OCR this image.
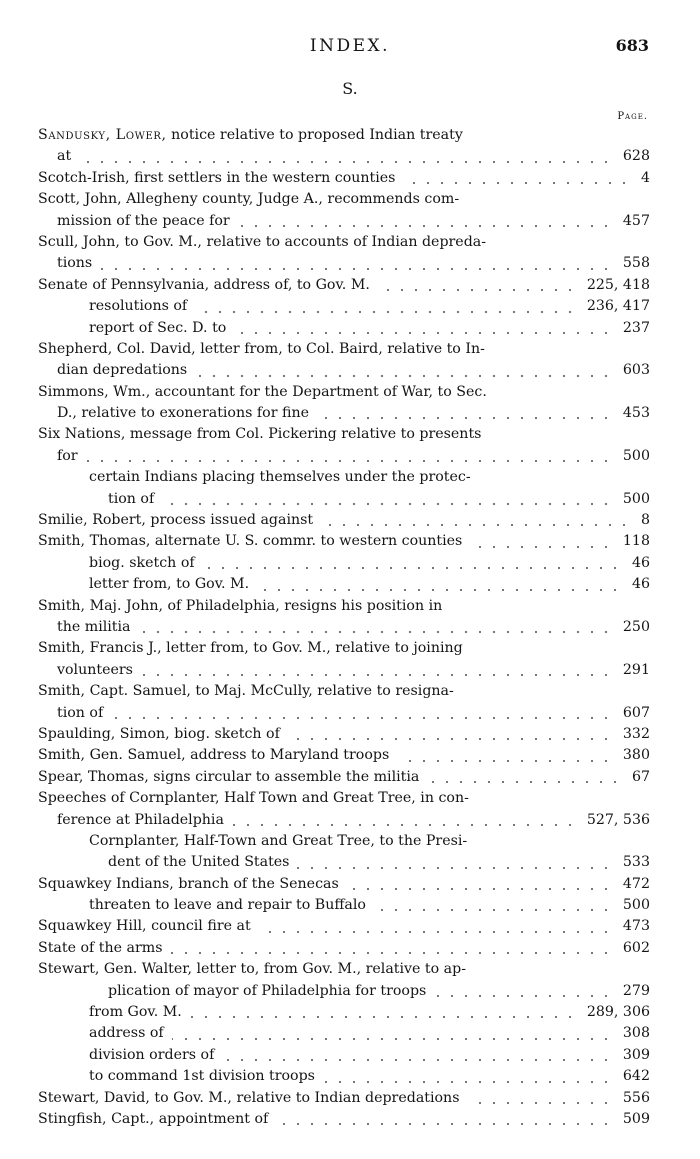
INDEX.	683
S.
Page.
Sandusky, Lower, notice relative to proposed Indian treaty
at	628
Scotch-Irish, first settlers in the western counties	4
Scott, John, Allegheny county, Judge A., recommends com-
mission of the peace for	457
Scull, John, to Gov. M., relative to accounts of Indian depreda-
tions	558
Senate of Pennsylvania, address of, to Gov. M.	225, 418
resolutions of	236, 417
report of Sec. D. to	237
Shepherd, Col. David, letter from, to Col. Baird, relative to In-
dian depredations	603
Simmons, Wm., accountant for the Department of War, to Sec.
D., relative to exonerations for fine	453
Six Nations, message from Col. Pickering relative to presents
for	500
certain Indians placing themselves under the protec-
tion of	500
Smilie, Robert, process issued against	8
Smith, Thomas, alternate U. S. commr. to western counties	118
biog. sketch of	46
letter from, to Gov. M.	46
Smith, Maj. John, of Philadelphia, resigns his position in
the militia	250
Smith, Francis J., letter from, to Gov. M., relative to joining
volunteers	291
Smith, Capt. Samuel, to Maj. McCully, relative to resigna-
tion of	607
Spaulding, Simon, biog. sketch of	332
Smith, Gen. Samuel, address to Maryland troops	380
Spear, Thomas, signs circular to assemble the militia	67
Speeches of Cornplanter, Half Town and Great Tree, in con-
ference at Philadelphia	527, 536
Cornplanter, Half-Town and Great Tree, to the Presi-
dent of the United States	533
Squawkey Indians, branch of the Senecas	472
threaten to leave and repair to Buffalo	500
Squawkey Hill, council fire at	473
State of the arms	602
Stewart, Gen. Walter, letter to, from Gov. M., relative to ap-
plication of mayor of Philadelphia for troops	279
from Gov. M.	289, 306
address of	308
division orders of	309
to command 1st division troops	642
Stewart, David, to Gov. M., relative to Indian depredations	556
Stingfish, Capt., appointment of	509
